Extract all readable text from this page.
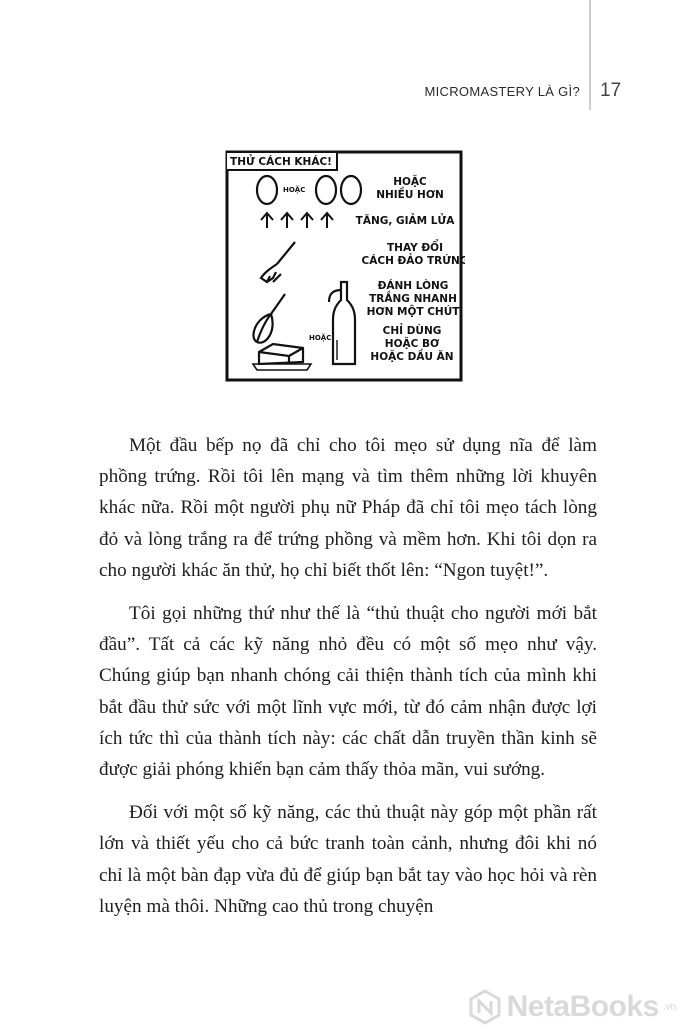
MICROMASTERY LÀ GÌ? 17
THỬ CÁCH KHÁC!
HOẶC
HOẶC
NHIỀU HƠN
TĂNG, GIẢM LỬA
THAY ĐỔI
CÁCH ĐẢO TRỨNG
ĐÁNH LÒNG
TRẮNG NHANH
HƠN MỘT CHÚT
HOẶC
CHỈ DÙNG
HOẶC BƠ
HOẶC DẦU ĂN

Một đầu bếp nọ đã chỉ cho tôi mẹo sử dụng nĩa để làm phồng trứng. Rồi tôi lên mạng và tìm thêm những lời khuyên khác nữa. Rồi một người phụ nữ Pháp đã chỉ tôi mẹo tách lòng đỏ và lòng trắng ra để trứng phồng và mềm hơn. Khi tôi dọn ra cho người khác ăn thử, họ chỉ biết thốt lên: “Ngon tuyệt!”.

Tôi gọi những thứ như thế là “thủ thuật cho người mới bắt đầu”. Tất cả các kỹ năng nhỏ đều có một số mẹo như vậy. Chúng giúp bạn nhanh chóng cải thiện thành tích của mình khi bắt đầu thử sức với một lĩnh vực mới, từ đó cảm nhận được lợi ích tức thì của thành tích này: các chất dẫn truyền thần kinh sẽ được giải phóng khiến bạn cảm thấy thỏa mãn, vui sướng.

Đối với một số kỹ năng, các thủ thuật này góp một phần rất lớn và thiết yếu cho cả bức tranh toàn cảnh, nhưng đôi khi nó chỉ là một bàn đạp vừa đủ để giúp bạn bắt tay vào học hỏi và rèn luyện mà thôi. Những cao thủ trong chuyện

NetaBooks .vn
